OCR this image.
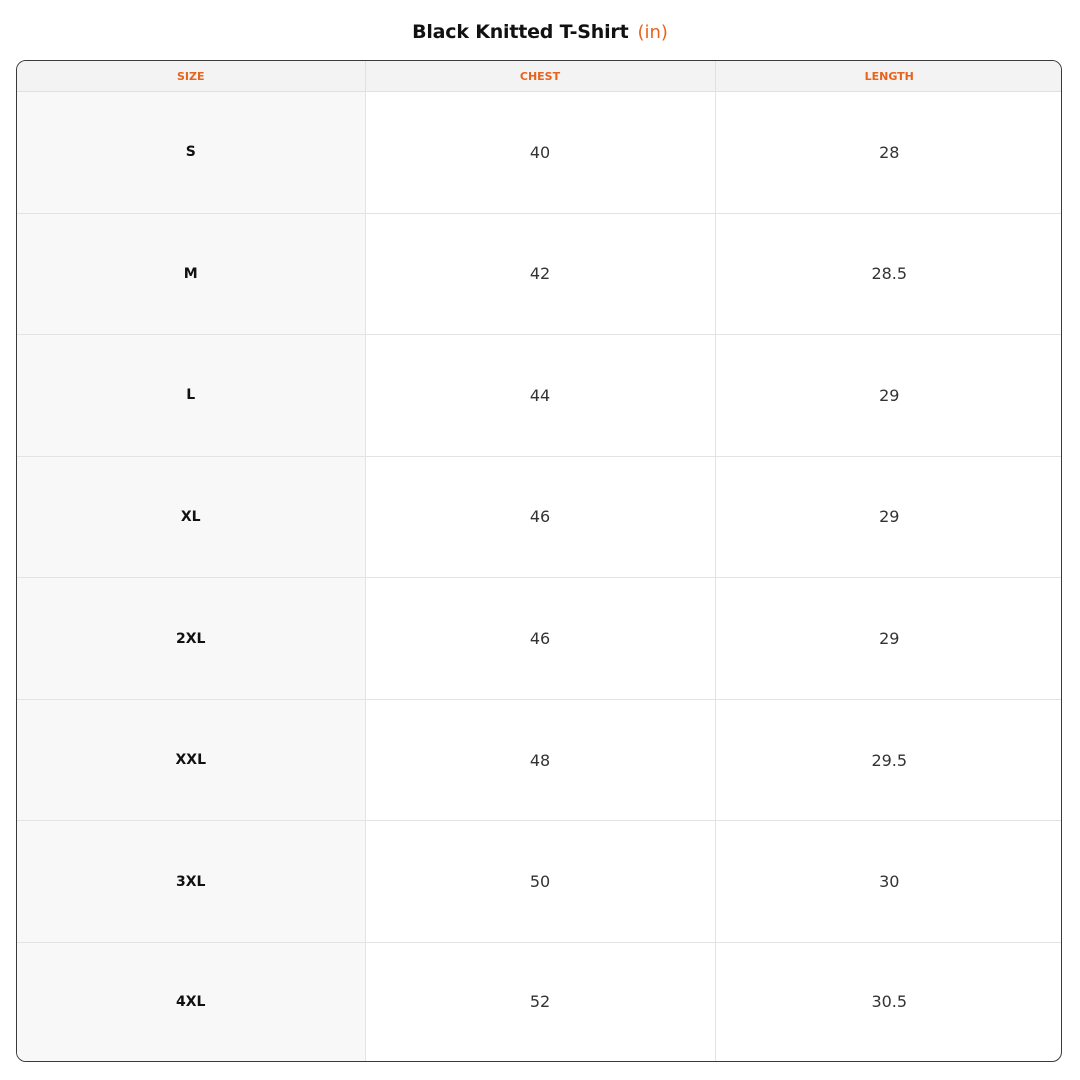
Black Knitted T-Shirt (in)
SIZE	CHEST	LENGTH
S	40	28
M	42	28.5
L	44	29
XL	46	29
2XL	46	29
XXL	48	29.5
3XL	50	30
4XL	52	30.5
